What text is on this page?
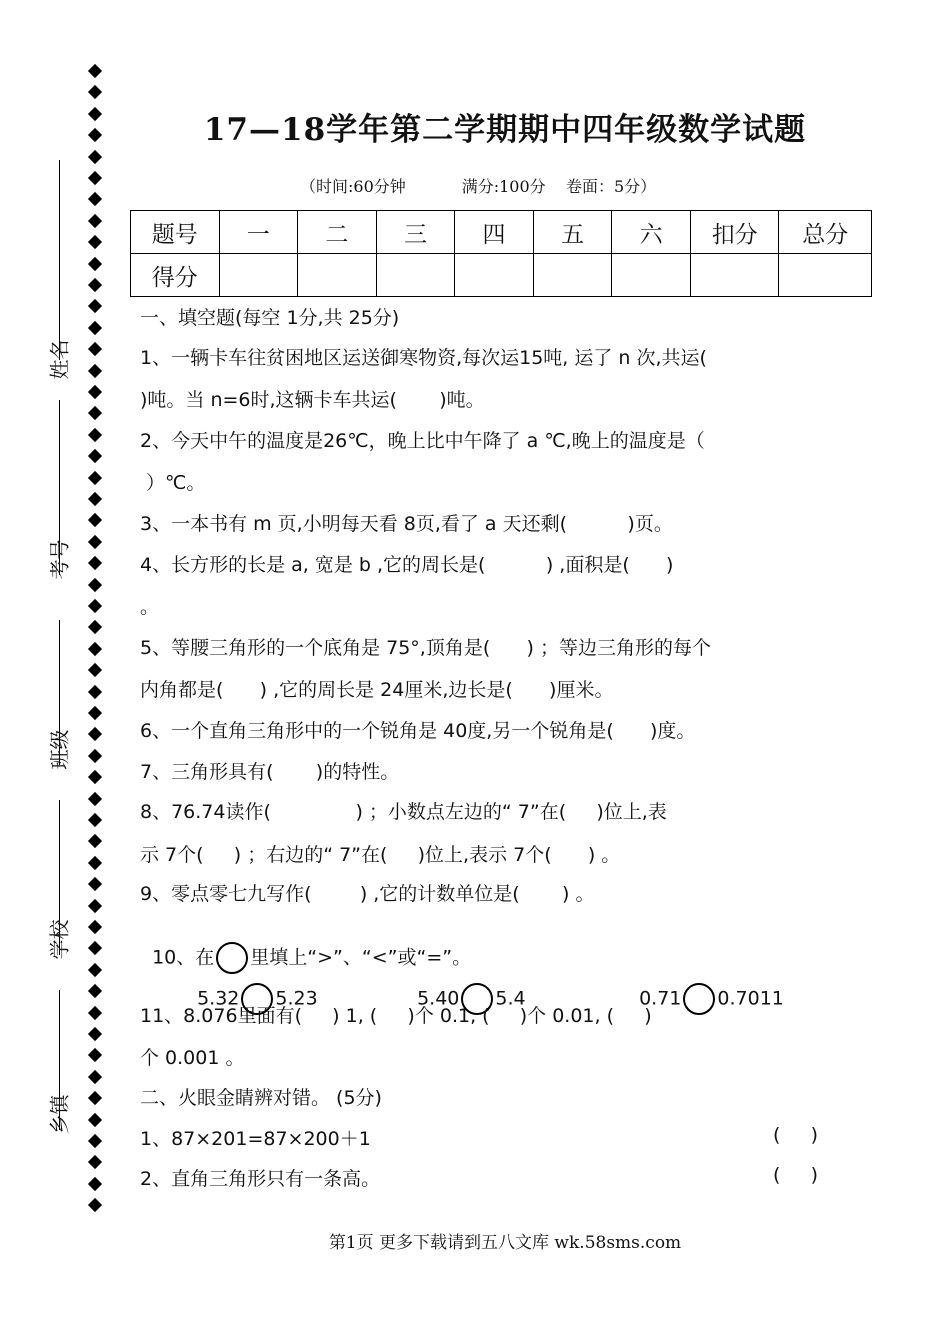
姓名
考号
班级
学校
乡镇
17—18学年第二学期期中四年级数学试题
（时间:60分钟           满分:100分    卷面：5分）
题号	一	二	三	四	五	六	扣分	总分
得分								
一、填空题(每空 1分,共 25分)
1、一辆卡车往贫困地区运送御寒物资,每次运15吨, 运了 n 次,共运(
)吨。当 n=6时,这辆卡车共运(       )吨。
2、今天中午的温度是26℃，晚上比中午降了 a ℃,晚上的温度是（
）℃。
3、一本书有 m 页,小明每天看 8页,看了 a 天还剩(          )页。
4、长方形的长是 a, 宽是 b ,它的周长是(          ) ,面积是(      )
。
5、等腰三角形的一个底角是 75°,顶角是(      ) ；等边三角形的每个
内角都是(      ) ,它的周长是 24厘米,边长是(      )厘米。
6、一个直角三角形中的一个锐角是 40度,另一个锐角是(      )度。
7、三角形具有(       )的特性。
8、76.74读作(              ) ；小数点左边的“ 7”在(     )位上,表
示 7个(     ) ；右边的“ 7”在(     )位上,表示 7个(      ) 。
9、零点零七九写作(        ) ,它的计数单位是(       ) 。

10、在 里填上“>”、“<”或“=”。

5.32 5.23	5.40 5.4	0.71 0.7011

11、8.076里面有(     ) 1, (     )个 0.1, (     )个 0.01, (     )
个 0.001 。
二、火眼金睛辨对错。 (5分)
1、87×201=87×200＋1	(     )
2、直角三角形只有一条高。	(     )
第1页 更多下载请到五八文库 wk.58sms.com
